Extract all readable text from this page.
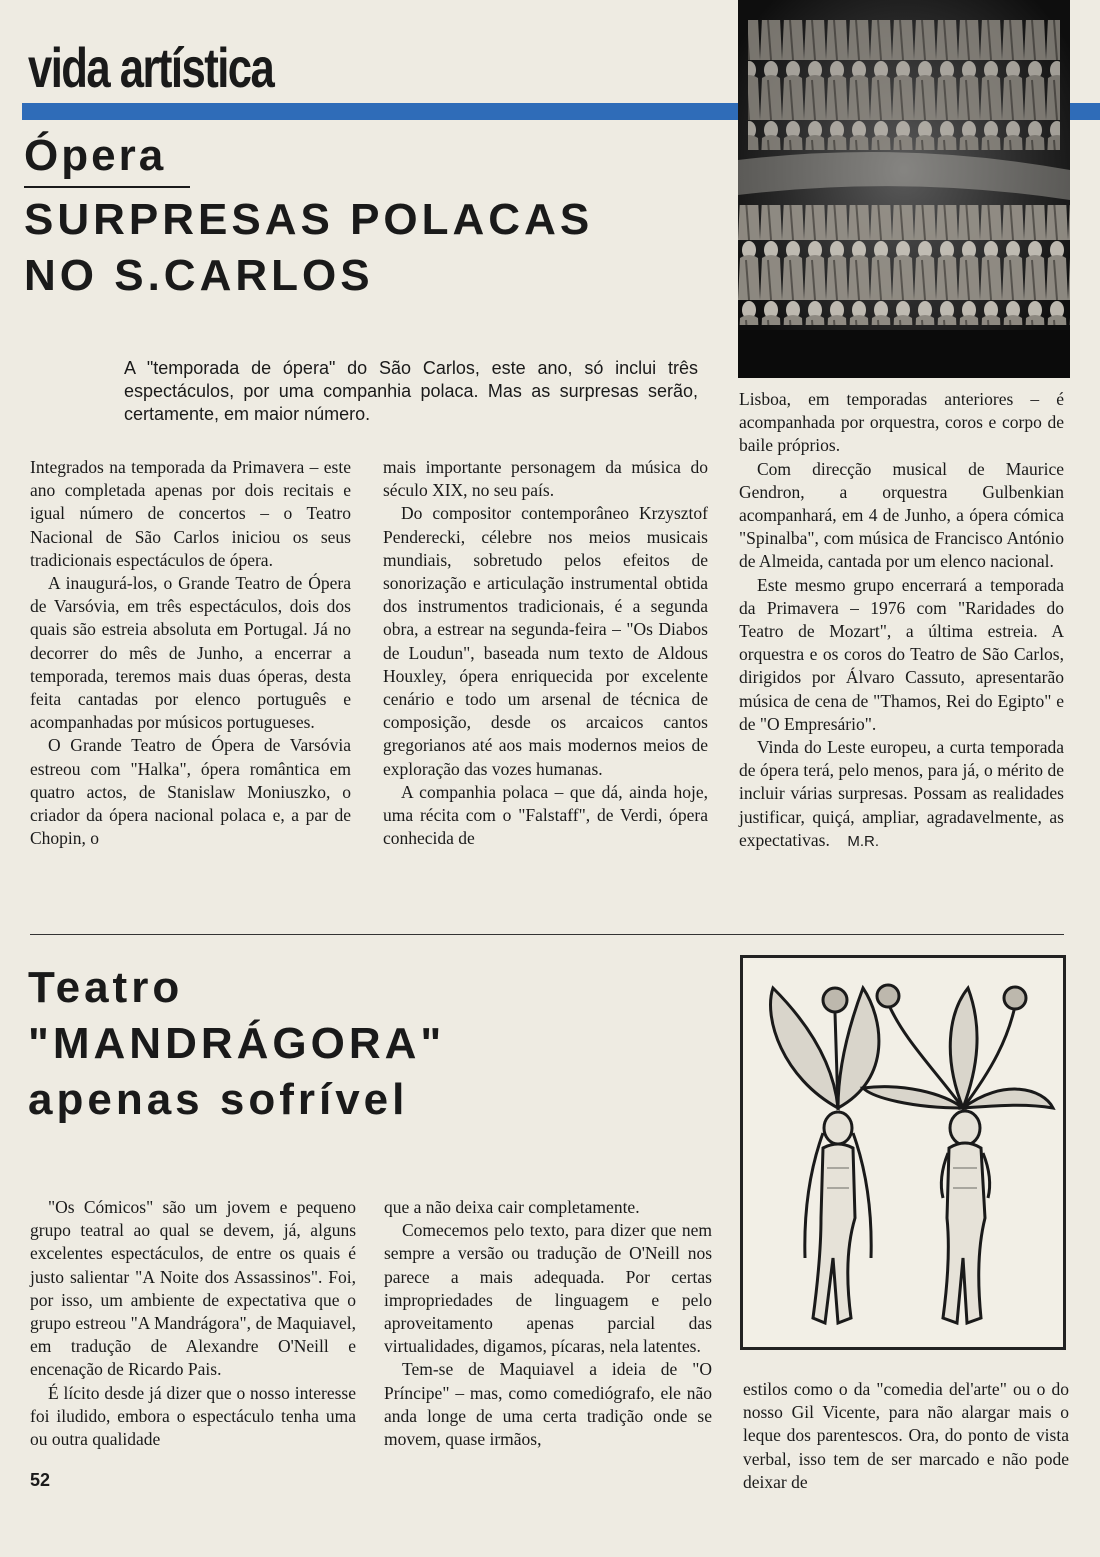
vida artística
Ópera
SURPRESAS POLACAS
NO S.CARLOS

A "temporada de ópera" do São Carlos, este ano, só inclui três espectáculos, por uma companhia polaca. Mas as surpresas serão, certamente, em maior número.

Integrados na temporada da Primavera – este ano completada apenas por dois recitais e igual número de concertos – o Teatro Nacional de São Carlos iniciou os seus tradicionais espectáculos de ópera.

A inaugurá-los, o Grande Teatro de Ópera de Varsóvia, em três espectáculos, dois dos quais são estreia absoluta em Portugal. Já no decorrer do mês de Junho, a encerrar a temporada, teremos mais duas óperas, desta feita cantadas por elenco português e acompanhadas por músicos portugueses.

O Grande Teatro de Ópera de Varsóvia estreou com "Halka", ópera romântica em quatro actos, de Stanislaw Moniuszko, o criador da ópera nacional polaca e, a par de Chopin, o

mais importante personagem da música do século XIX, no seu país.

Do compositor contemporâneo Krzysztof Penderecki, célebre nos meios musicais mundiais, sobretudo pelos efeitos de sonorização e articulação instrumental obtida dos instrumentos tradicionais, é a segunda obra, a estrear na segunda-feira – "Os Diabos de Loudun", baseada num texto de Aldous Houxley, ópera enriquecida por excelente cenário e todo um arsenal de técnica de composição, desde os arcaicos cantos gregorianos até aos mais modernos meios de exploração das vozes humanas.

A companhia polaca – que dá, ainda hoje, uma récita com o "Falstaff", de Verdi, ópera conhecida de

Lisboa, em temporadas anteriores – é acompanhada por orquestra, coros e corpo de baile próprios.

Com direcção musical de Maurice Gendron, a orquestra Gulbenkian acompanhará, em 4 de Junho, a ópera cómica "Spinalba", com música de Francisco António de Almeida, cantada por um elenco nacional.

Este mesmo grupo encerrará a temporada da Primavera – 1976 com "Raridades do Teatro de Mozart", a última estreia. A orquestra e os coros do Teatro de São Carlos, dirigidos por Álvaro Cassuto, apresentarão música de cena de "Thamos, Rei do Egipto" e de "O Empresário".

Vinda do Leste europeu, a curta temporada de ópera terá, pelo menos, para já, o mérito de incluir várias surpresas. Possam as realidades justificar, quiçá, ampliar, agradavelmente, as expectativas. M.R.

Teatro
"MANDRÁGORA"
apenas sofrível

"Os Cómicos" são um jovem e pequeno grupo teatral ao qual se devem, já, alguns excelentes espectáculos, de entre os quais é justo salientar "A Noite dos Assassinos". Foi, por isso, um ambiente de expectativa que o grupo estreou "A Mandrágora", de Maquiavel, em tradução de Alexandre O'Neill e encenação de Ricardo Pais.

É lícito desde já dizer que o nosso interesse foi iludido, embora o espectáculo tenha uma ou outra qualidade

que a não deixa cair completamente.

Comecemos pelo texto, para dizer que nem sempre a versão ou tradução de O'Neill nos parece a mais adequada. Por certas impropriedades de linguagem e pelo aproveitamento apenas parcial das virtualidades, digamos, pícaras, nela latentes.

Tem-se de Maquiavel a ideia de "O Príncipe" – mas, como comediógrafo, ele não anda longe de uma certa tradição onde se movem, quase irmãos,

estilos como o da "comedia del'arte" ou o do nosso Gil Vicente, para não alargar mais o leque dos parentescos. Ora, do ponto de vista verbal, isso tem de ser marcado e não pode deixar de

52
